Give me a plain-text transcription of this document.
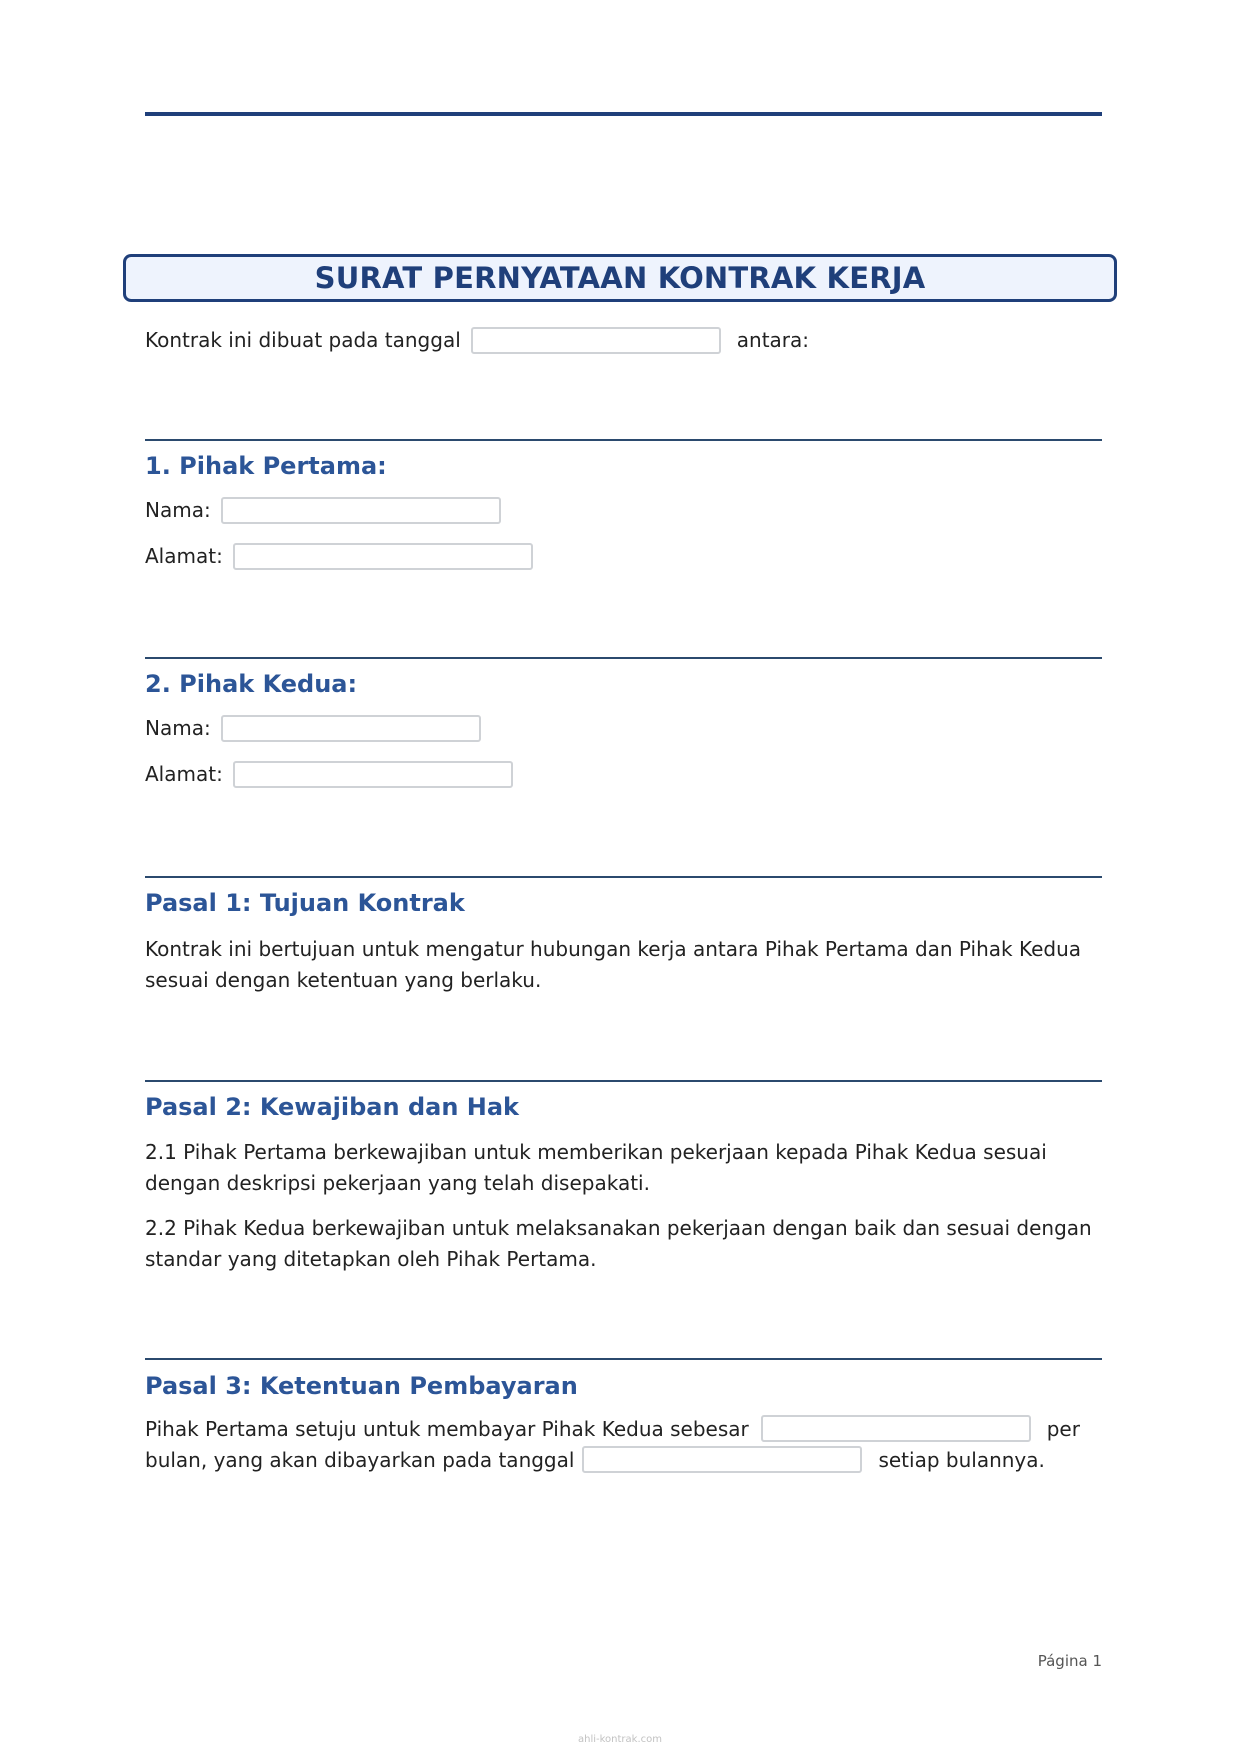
SURAT PERNYATAAN KONTRAK KERJA
Kontrak ini dibuat pada tanggal	antara:
1. Pihak Pertama:
Nama:
Alamat:
2. Pihak Kedua:
Nama:
Alamat:
Pasal 1: Tujuan Kontrak

Kontrak ini bertujuan untuk mengatur hubungan kerja antara Pihak Pertama dan Pihak Kedua sesuai dengan ketentuan yang berlaku.

Pasal 2: Kewajiban dan Hak

2.1 Pihak Pertama berkewajiban untuk memberikan pekerjaan kepada Pihak Kedua sesuai dengan deskripsi pekerjaan yang telah disepakati.

2.2 Pihak Kedua berkewajiban untuk melaksanakan pekerjaan dengan baik dan sesuai dengan standar yang ditetapkan oleh Pihak Pertama.

Pasal 3: Ketentuan Pembayaran
Pihak Pertama setuju untuk membayar Pihak Kedua sebesar	per
bulan, yang akan dibayarkan pada tanggal	setiap bulannya.
Página 1
ahli-kontrak.com
